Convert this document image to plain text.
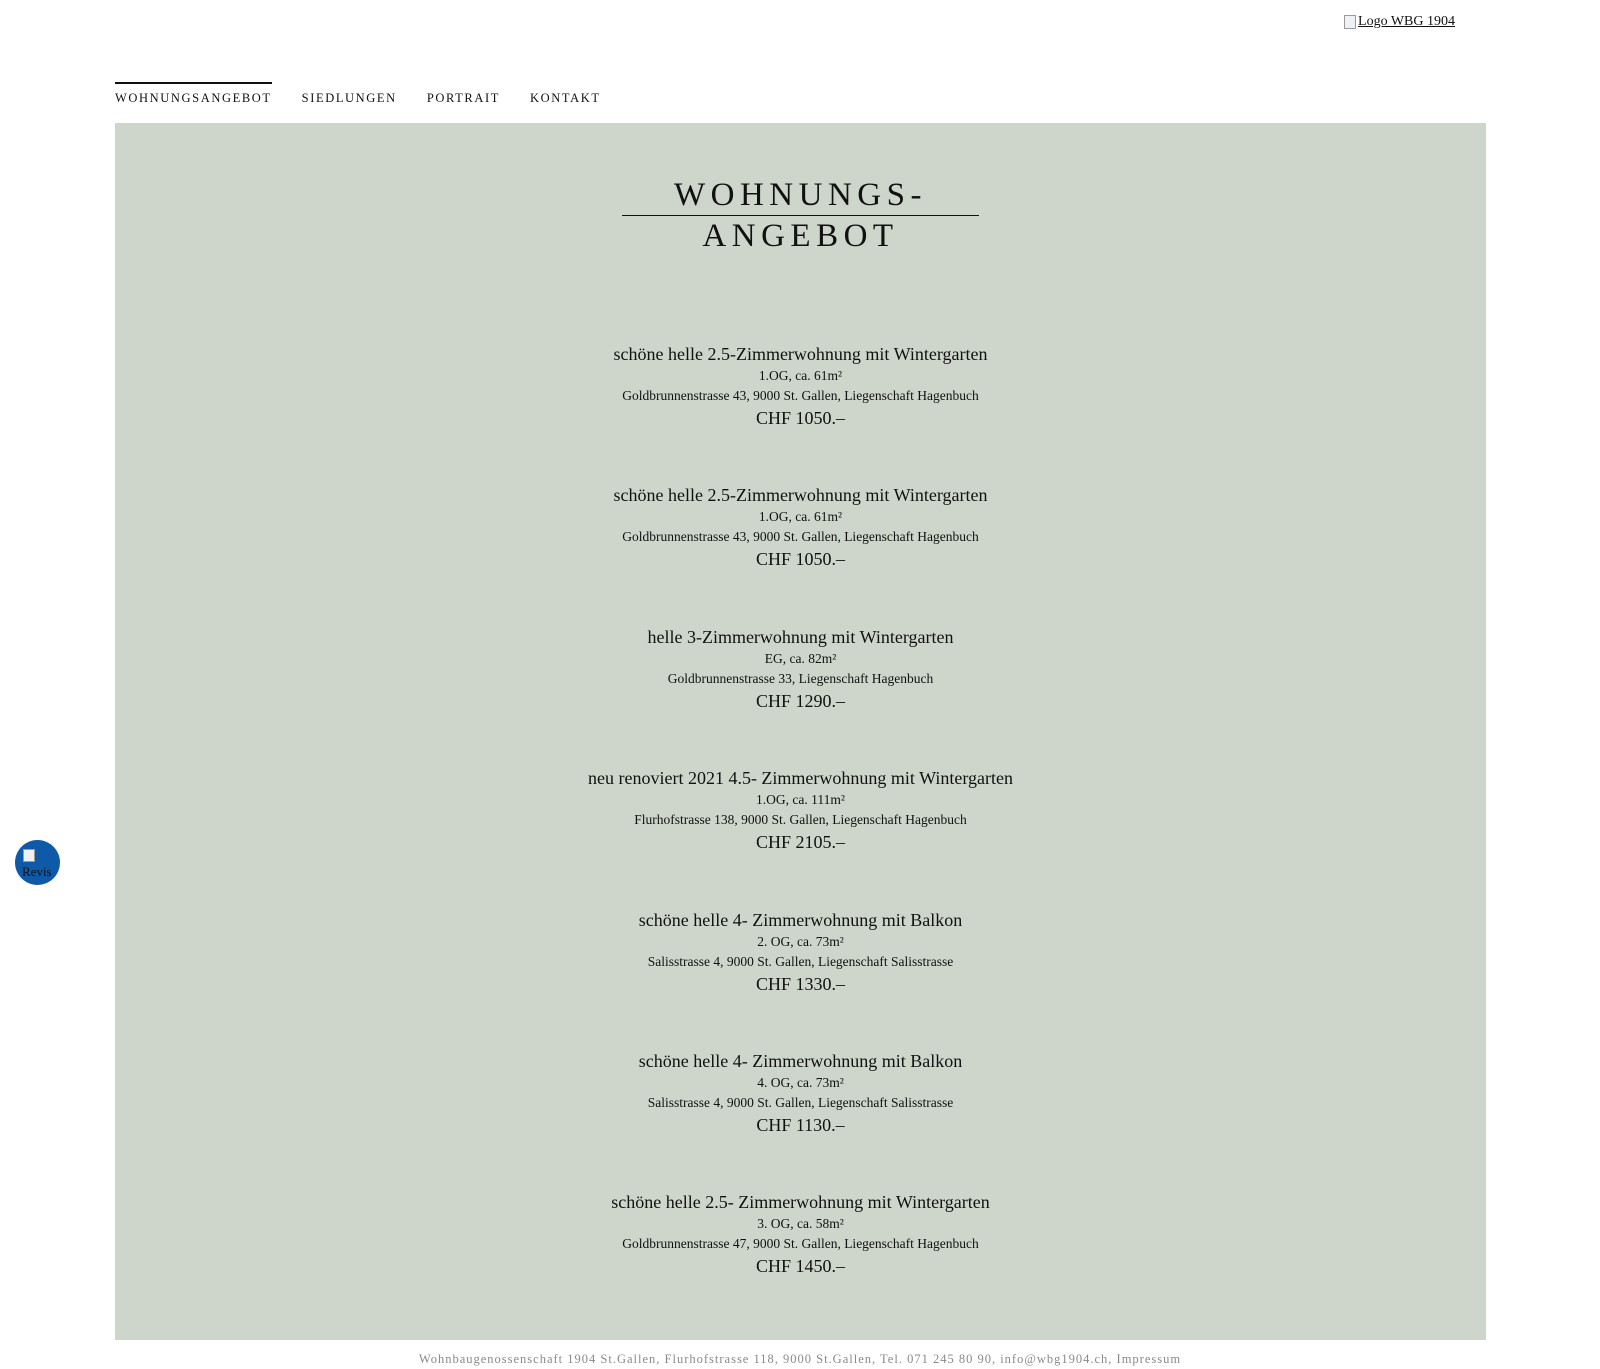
Logo WBG 1904
WOHNUNGSANGEBOT SIEDLUNGEN PORTRAIT KONTAKT
WOHNUNGS-
ANGEBOT
schöne helle 2.5-Zimmerwohnung mit Wintergarten
1.OG, ca. 61m²
Goldbrunnenstrasse 43, 9000 St. Gallen, Liegenschaft Hagenbuch
CHF 1050.–
schöne helle 2.5-Zimmerwohnung mit Wintergarten
1.OG, ca. 61m²
Goldbrunnenstrasse 43, 9000 St. Gallen, Liegenschaft Hagenbuch
CHF 1050.–
helle 3-Zimmerwohnung mit Wintergarten
EG, ca. 82m²
Goldbrunnenstrasse 33, Liegenschaft Hagenbuch
CHF 1290.–
neu renoviert 2021 4.5- Zimmerwohnung mit Wintergarten
1.OG, ca. 111m²
Flurhofstrasse 138, 9000 St. Gallen, Liegenschaft Hagenbuch
CHF 2105.–
schöne helle 4- Zimmerwohnung mit Balkon
2. OG, ca. 73m²
Salisstrasse 4, 9000 St. Gallen, Liegenschaft Salisstrasse
CHF 1330.–
schöne helle 4- Zimmerwohnung mit Balkon
4. OG, ca. 73m²
Salisstrasse 4, 9000 St. Gallen, Liegenschaft Salisstrasse
CHF 1130.–
schöne helle 2.5- Zimmerwohnung mit Wintergarten
3. OG, ca. 58m²
Goldbrunnenstrasse 47, 9000 St. Gallen, Liegenschaft Hagenbuch
CHF 1450.–
Revis
Wohnbaugenossenschaft 1904 St.Gallen, Flurhofstrasse 118, 9000 St.Gallen, Tel. 071 245 80 90, info@wbg1904.ch, Impressum
